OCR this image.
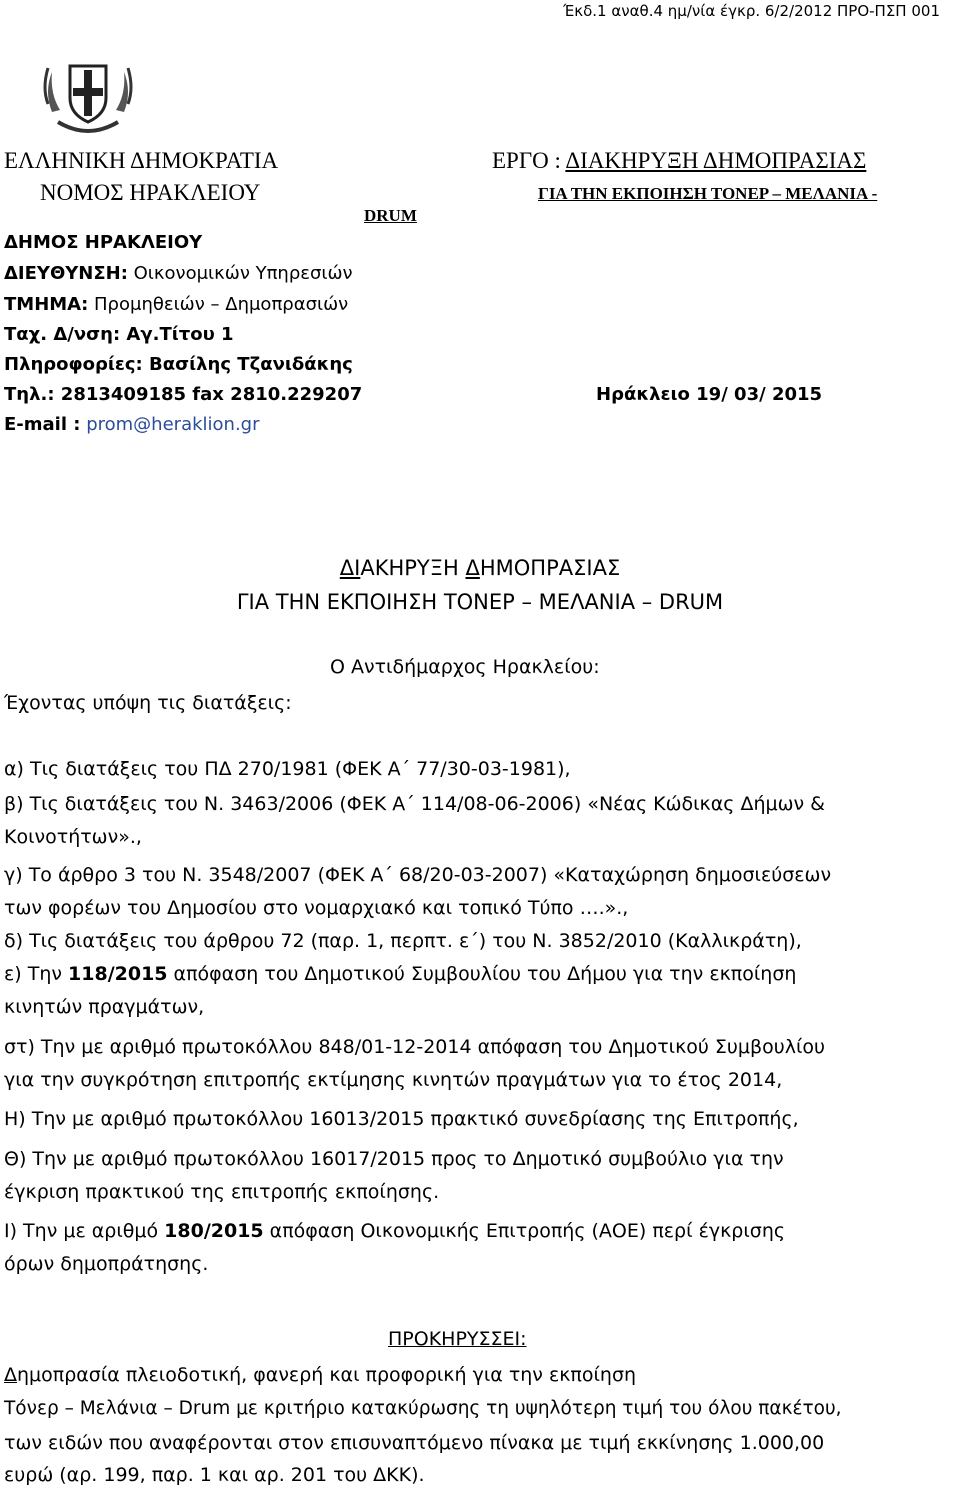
Έκδ.1 αναθ.4 ημ/νία έγκρ. 6/2/2012 ΠΡΟ-ΠΣΠ 001
ΕΛΛΗΝΙΚΗ ΔΗΜΟΚΡΑΤΙΑ
ΝΟΜΟΣ ΗΡΑΚΛΕΙΟΥ
ΕΡΓΟ : ΔΙΑΚΗΡΥΞΗ ΔΗΜΟΠΡΑΣΙΑΣ
ΓΙΑ ΤΗΝ ΕΚΠΟΙΗΣΗ ΤΟΝΕΡ – ΜΕΛΑΝΙΑ -
DRUM
ΔΗΜΟΣ ΗΡΑΚΛΕΙΟΥ
ΔΙΕΥΘΥΝΣΗ: Οικονομικών Υπηρεσιών
ΤΜΗΜΑ: Προμηθειών – Δημοπρασιών
Ταχ. Δ/νση: Αγ.Τίτου 1
Πληροφορίες: Βασίλης Τζανιδάκης
Τηλ.: 2813409185 fax 2810.229207	Ηράκλειο 19/ 03/ 2015
E-mail : prom@heraklion.gr
ΔΙΑΚΗΡΥΞΗ ΔΗΜΟΠΡΑΣΙΑΣ
ΓΙΑ ΤΗΝ ΕΚΠΟΙΗΣΗ ΤΟΝΕΡ – ΜΕΛΑΝΙΑ – DRUM
Ο Αντιδήμαρχος Ηρακλείου:
Έχοντας υπόψη τις διατάξεις:
α) Τις διατάξεις του ΠΔ 270/1981 (ΦΕΚ Α΄ 77/30-03-1981),
β) Τις διατάξεις του Ν. 3463/2006 (ΦΕΚ Α΄ 114/08-06-2006) «Νέας Κώδικας Δήμων &
Κοινοτήτων».,
γ) Το άρθρο 3 του Ν. 3548/2007 (ΦΕΚ Α΄ 68/20-03-2007) «Καταχώρηση δημοσιεύσεων
των φορέων του Δημοσίου στο νομαρχιακό και τοπικό Τύπο ….».,
δ) Τις διατάξεις του άρθρου 72 (παρ. 1, περπτ. ε΄) του Ν. 3852/2010 (Καλλικράτη),
ε) Την 118/2015 απόφαση του Δημοτικού Συμβουλίου του Δήμου για την εκποίηση
κινητών πραγμάτων,
στ) Την με αριθμό πρωτοκόλλου 848/01-12-2014 απόφαση του Δημοτικού Συμβουλίου
για την συγκρότηση επιτροπής εκτίμησης κινητών πραγμάτων για το έτος 2014,
Η) Την με αριθμό πρωτοκόλλου 16013/2015 πρακτικό συνεδρίασης της Επιτροπής,
Θ) Την με αριθμό πρωτοκόλλου 16017/2015 προς το Δημοτικό συμβούλιο για την
έγκριση πρακτικού της επιτροπής εκποίησης.
Ι) Την με αριθμό 180/2015 απόφαση Οικονομικής Επιτροπής (ΑΟΕ) περί έγκρισης
όρων δημοπράτησης.
ΠΡΟΚΗΡΥΣΣΕΙ:
Δημοπρασία πλειοδοτική, φανερή και προφορική για την εκποίηση
Τόνερ – Μελάνια – Drum με κριτήριο κατακύρωσης τη υψηλότερη τιμή του όλου πακέτου,
των ειδών που αναφέρονται στον επισυναπτόμενο πίνακα με τιμή εκκίνησης 1.000,00
ευρώ (αρ. 199, παρ. 1 και αρ. 201 του ΔΚΚ).
